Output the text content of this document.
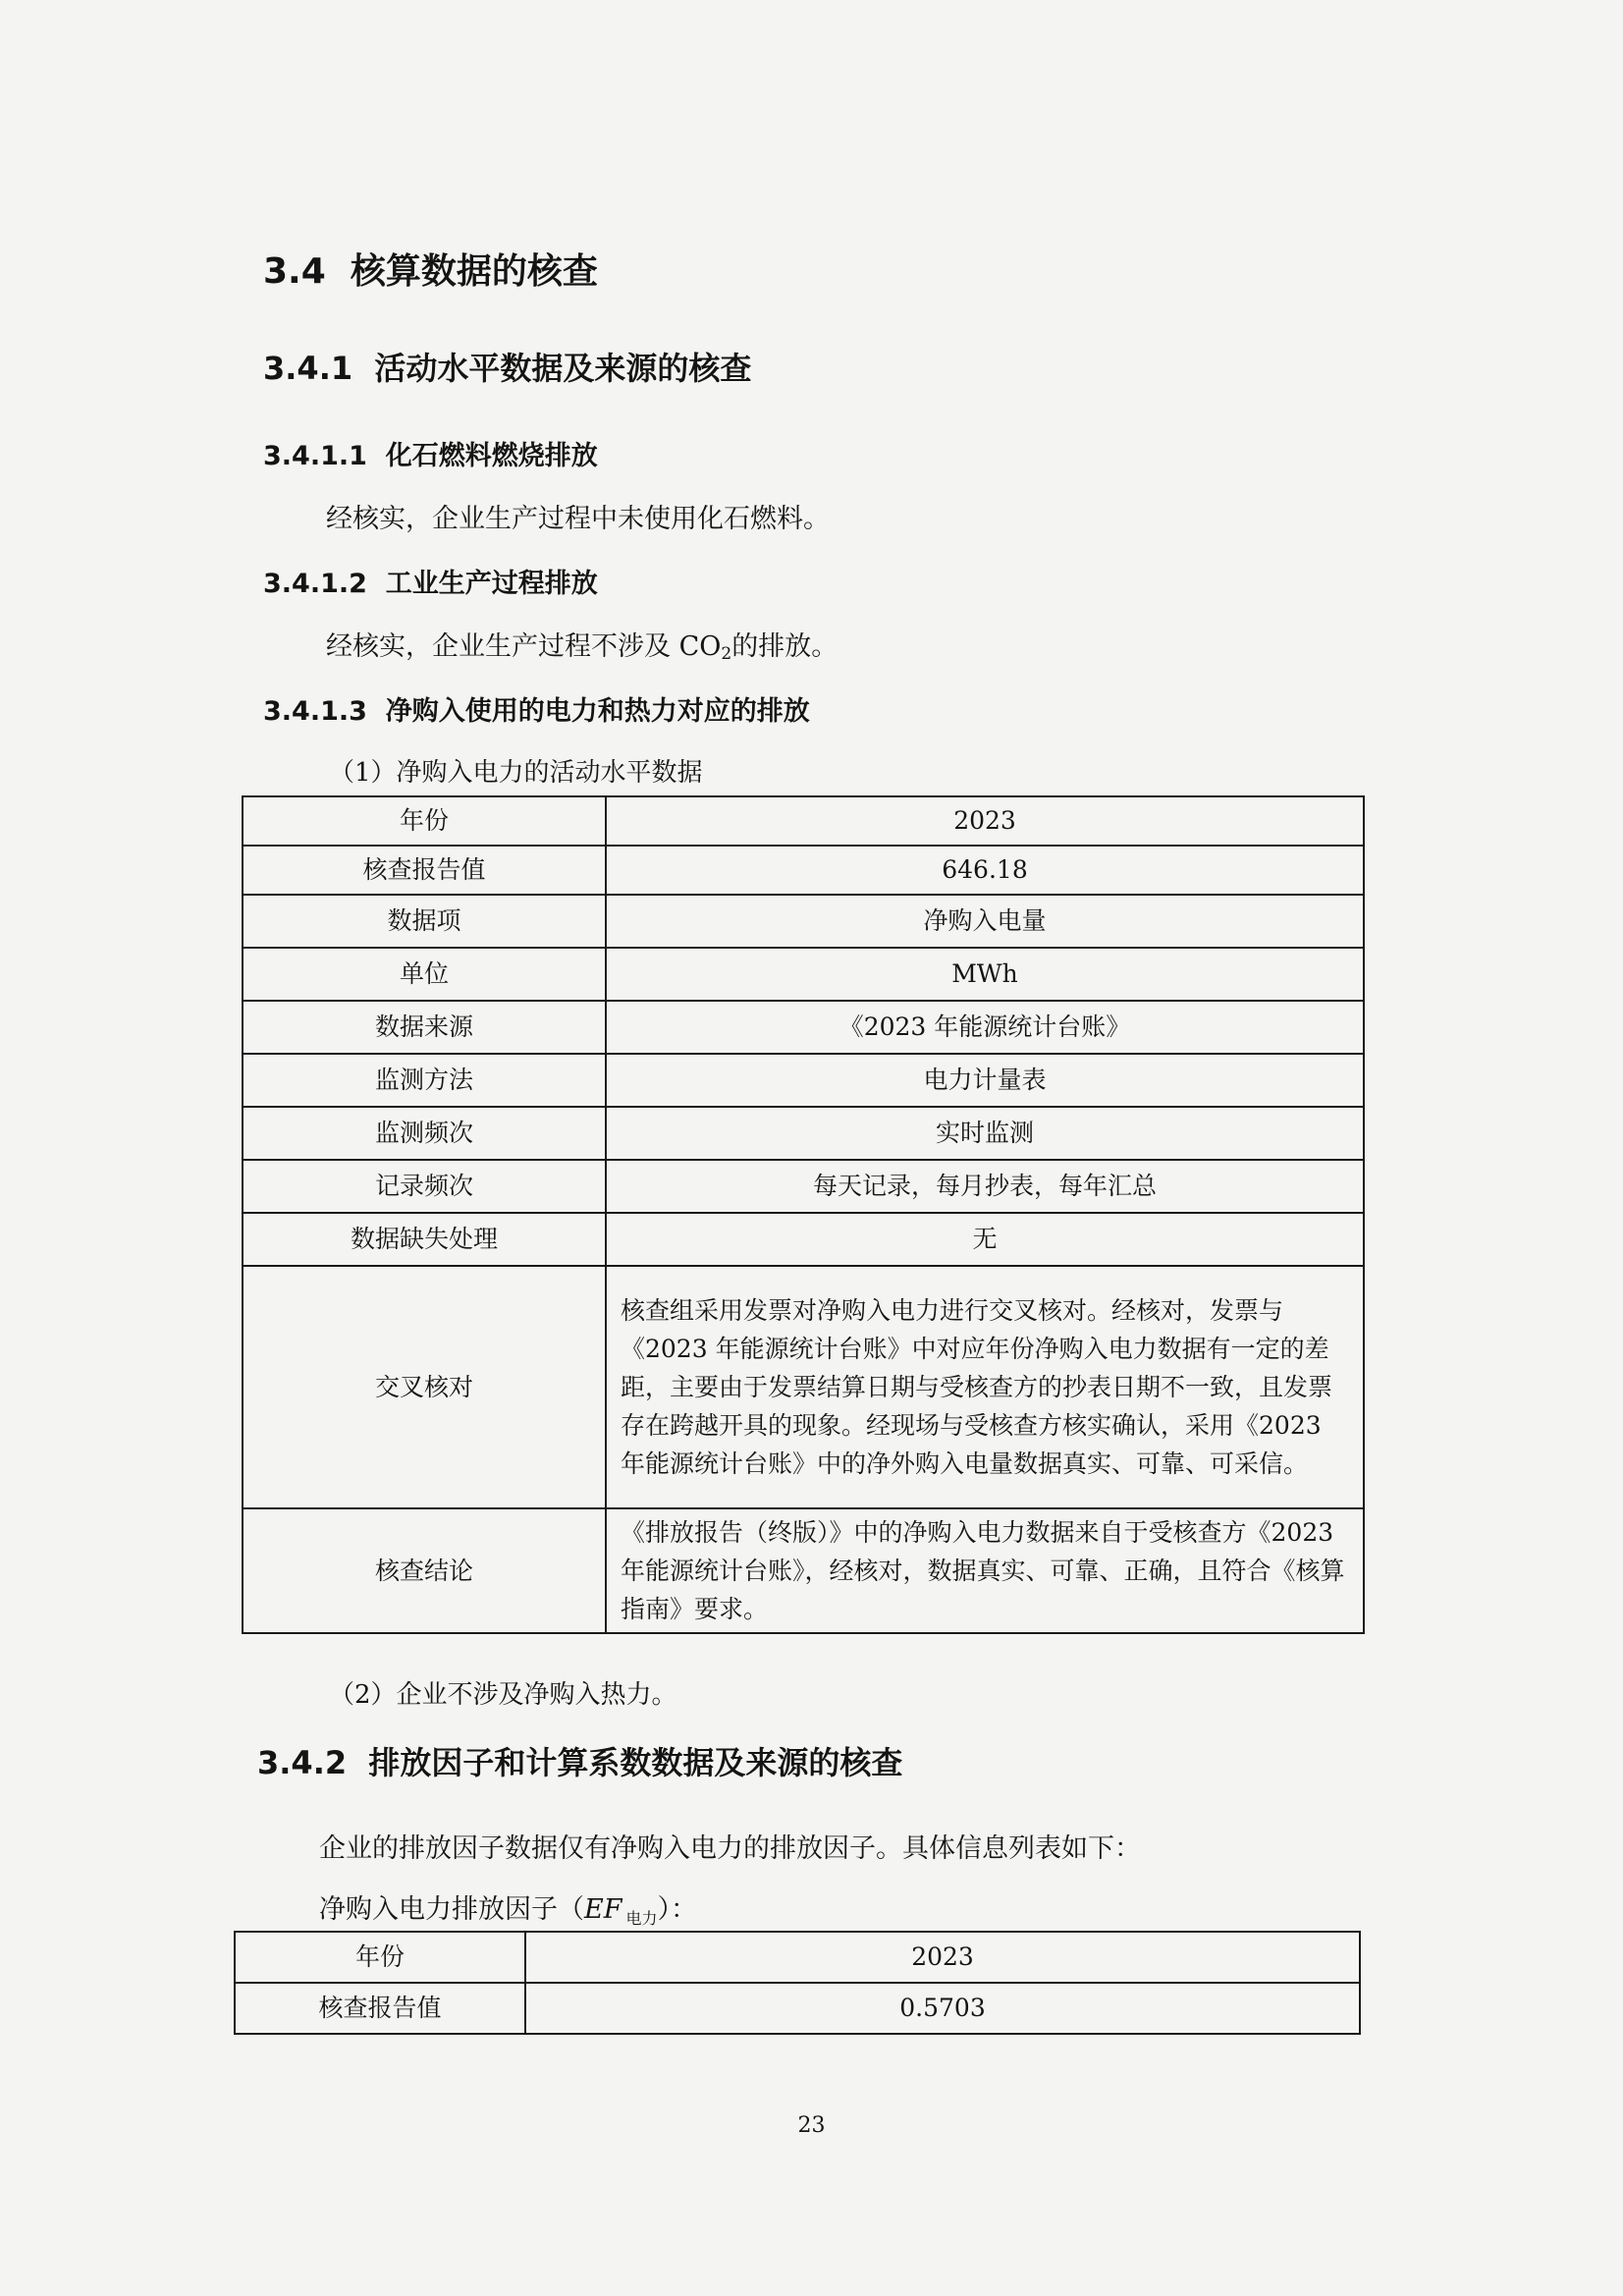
3.4 核算数据的核查
3.4.1 活动水平数据及来源的核查
3.4.1.1 化石燃料燃烧排放
经核实，企业生产过程中未使用化石燃料。
3.4.1.2 工业生产过程排放
经核实，企业生产过程不涉及 $CO_2$的排放。
3.4.1.3 净购入使用的电力和热力对应的排放
（1）净购入电力的活动水平数据
年份	2023
核查报告值	646.18
数据项	净购入电量
单位	MWh
数据来源	《2023 年能源统计台账》
监测方法	电力计量表
监测频次	实时监测
记录频次	每天记录，每月抄表，每年汇总
数据缺失处理	无
交叉核对	核查组采用发票对净购入电力进行交叉核对。经核对，发票与《2023 年能源统计台账》中对应年份净购入电力数据有一定的差距，主要由于发票结算日期与受核查方的抄表日期不一致，且发票存在跨越开具的现象。经现场与受核查方核实确认，采用《2023 年能源统计台账》中的净外购入电量数据真实、可靠、可采信。
核查结论	《排放报告（终版）》中的净购入电力数据来自于受核查方《2023 年能源统计台账》，经核对，数据真实、可靠、正确，且符合《核算指南》要求。
（2）企业不涉及净购入热力。
3.4.2 排放因子和计算系数数据及来源的核查
企业的排放因子数据仅有净购入电力的排放因子。具体信息列表如下：
净购入电力排放因子（EF $_{电力}$）：
年份	2023
核查报告值	0.5703
23
